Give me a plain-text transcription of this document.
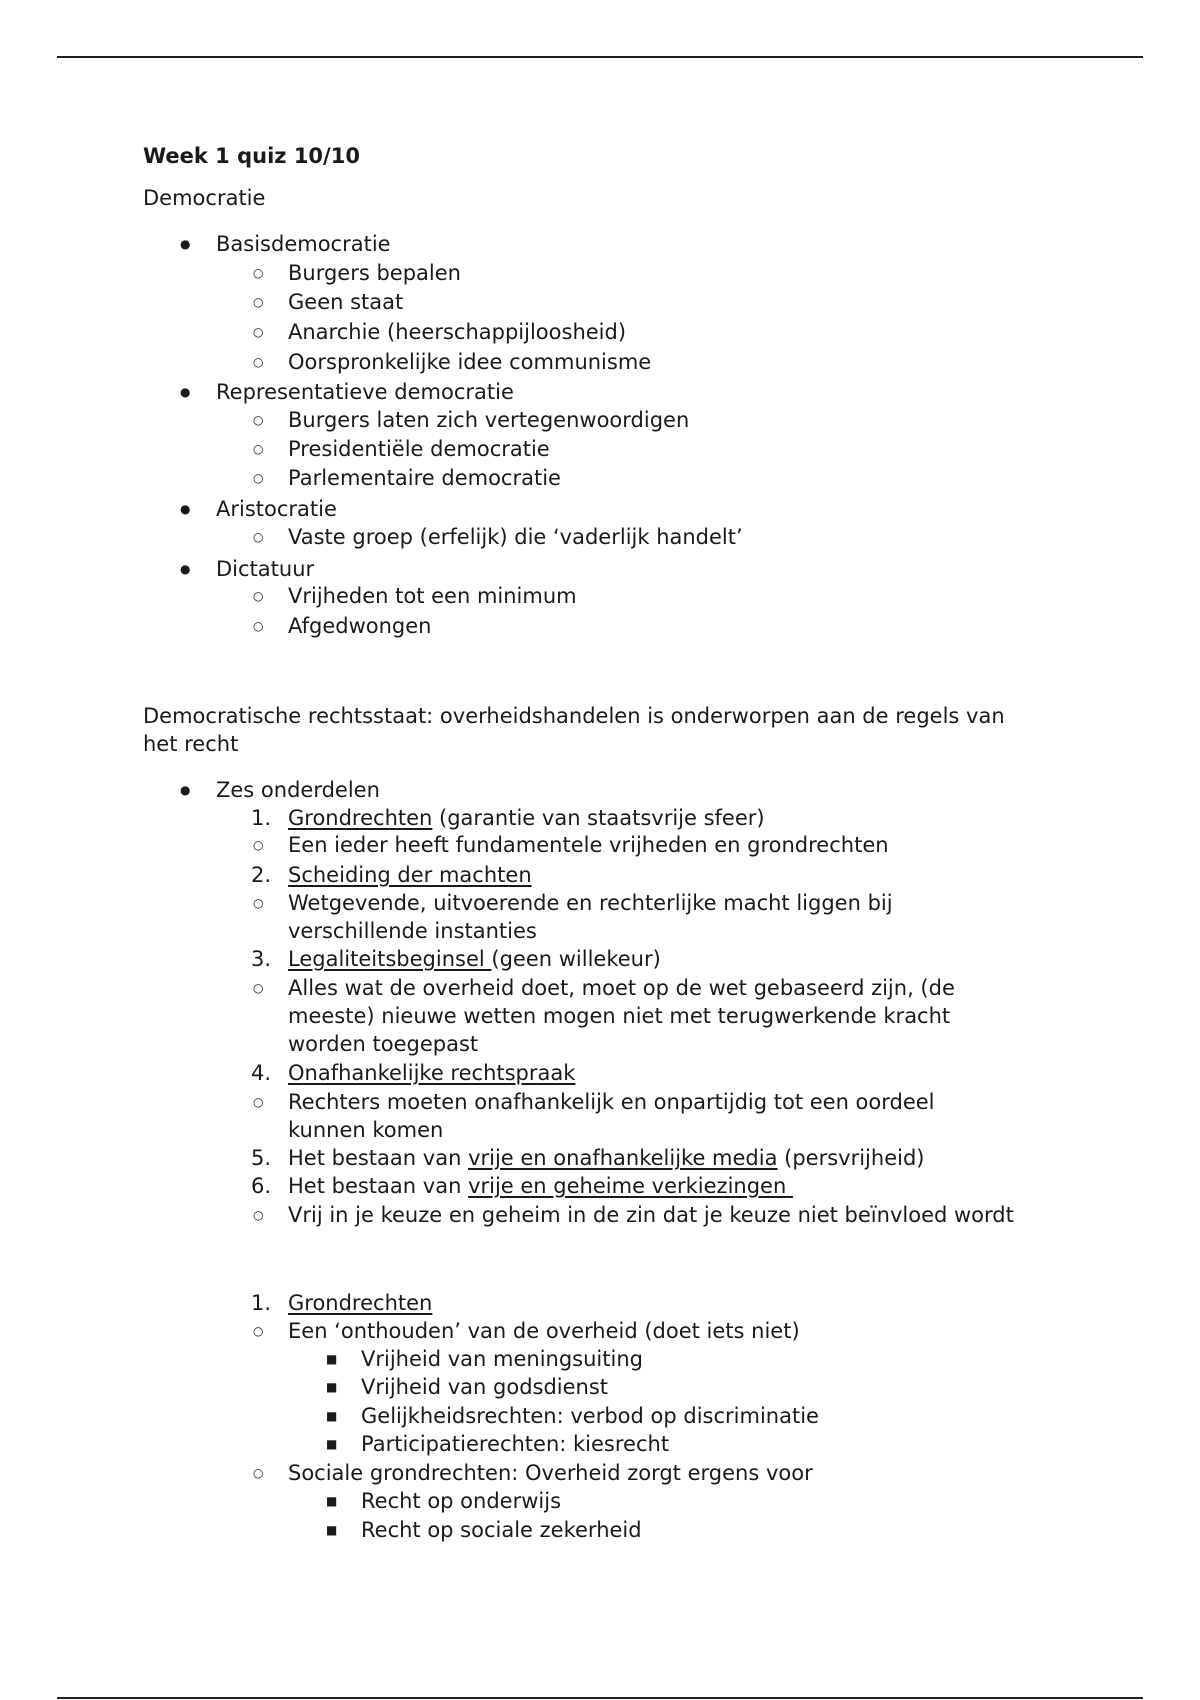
Week 1 quiz 10/10
Democratie
● Basisdemocratie
○ Burgers bepalen
○ Geen staat
○ Anarchie (heerschappijloosheid)
○ Oorspronkelijke idee communisme
● Representatieve democratie
○ Burgers laten zich vertegenwoordigen
○ Presidentiële democratie
○ Parlementaire democratie
● Aristocratie
○ Vaste groep (erfelijk) die ‘vaderlijk handelt’
● Dictatuur
○ Vrijheden tot een minimum
○ Afgedwongen
Democratische rechtsstaat: overheidshandelen is onderworpen aan de regels van
het recht
● Zes onderdelen
1. Grondrechten (garantie van staatsvrije sfeer)
○ Een ieder heeft fundamentele vrijheden en grondrechten
2. Scheiding der machten
○ Wetgevende, uitvoerende en rechterlijke macht liggen bij
verschillende instanties
3. Legaliteitsbeginsel (geen willekeur)
○ Alles wat de overheid doet, moet op de wet gebaseerd zijn, (de
meeste) nieuwe wetten mogen niet met terugwerkende kracht
worden toegepast
4. Onafhankelijke rechtspraak
○ Rechters moeten onafhankelijk en onpartijdig tot een oordeel
kunnen komen
5. Het bestaan van vrije en onafhankelijke media (persvrijheid)
6. Het bestaan van vrije en geheime verkiezingen
○ Vrij in je keuze en geheim in de zin dat je keuze niet beïnvloed wordt
1. Grondrechten
○ Een ‘onthouden’ van de overheid (doet iets niet)
■ Vrijheid van meningsuiting
■ Vrijheid van godsdienst
■ Gelijkheidsrechten: verbod op discriminatie
■ Participatierechten: kiesrecht
○ Sociale grondrechten: Overheid zorgt ergens voor
■ Recht op onderwijs
■ Recht op sociale zekerheid
